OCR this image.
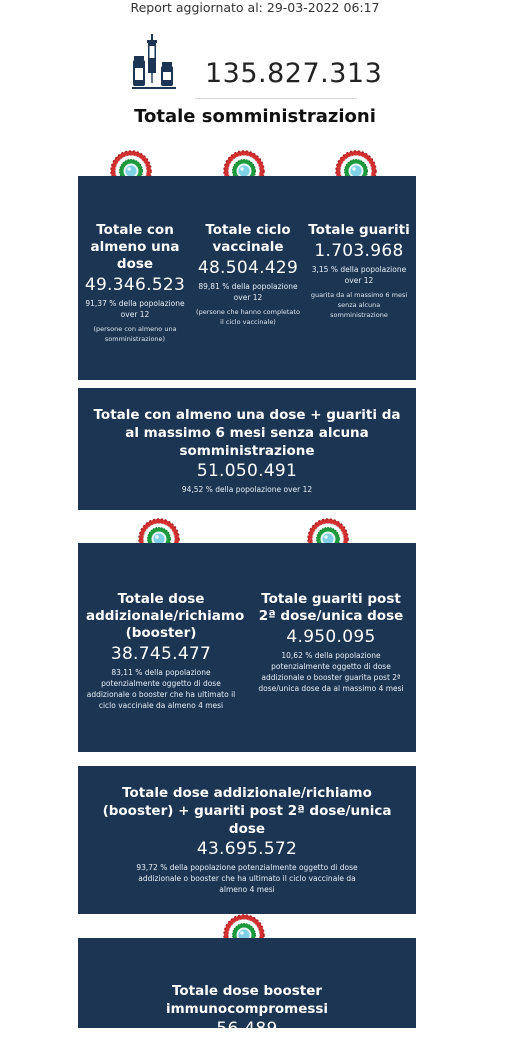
Report aggiornato al: 29-03-2022 06:17
135.827.313
Totale somministrazioni
Totale con almeno una dose
49.346.523
91,37 % della popolazione over 12
(persone con almeno una somministrazione)
Totale ciclo vaccinale
48.504.429
89,81 % della popolazione over 12
(persone che hanno completato il ciclo vaccinale)
Totale guariti
1.703.968
3,15 % della popolazione over 12
guarita da al massimo 6 mesi senza alcuna somministrazione
Totale con almeno una dose + guariti da al massimo 6 mesi senza alcuna somministrazione
51.050.491
94,52 % della popolazione over 12
Totale dose addizionale/richiamo (booster)
38.745.477
83,11 % della popolazione potenzialmente oggetto di dose addizionale o booster che ha ultimato il ciclo vaccinale da almeno 4 mesi
Totale guariti post 2ª dose/unica dose
4.950.095
10,62 % della popolazione potenzialmente oggetto di dose addizionale o booster guarita post 2ª dose/unica dose da al massimo 4 mesi
Totale dose addizionale/richiamo (booster) + guariti post 2ª dose/unica dose
43.695.572
93,72 % della popolazione potenzialmente oggetto di dose addizionale o booster che ha ultimato il ciclo vaccinale da almeno 4 mesi
Totale dose booster immunocompromessi
56.489
